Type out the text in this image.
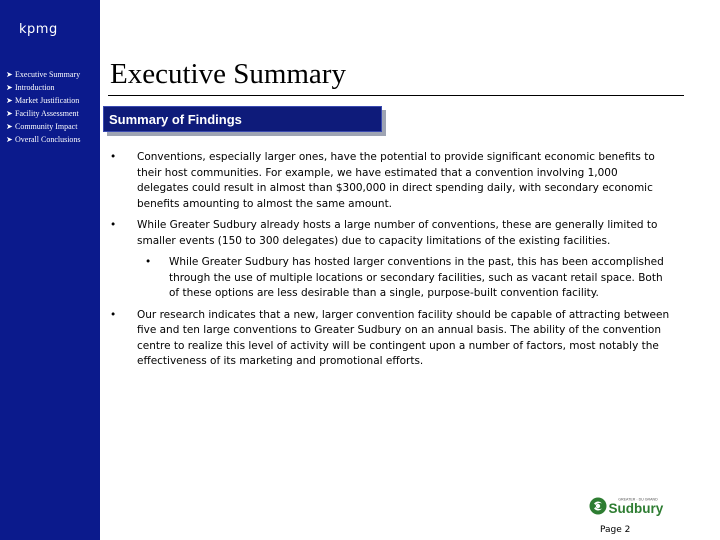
kpmg
➤ Executive Summary
➤ Introduction
➤ Market Justification
➤ Facility Assessment
➤ Community Impact
➤ Overall Conclusions
Executive Summary
Summary of Findings
• Conventions, especially larger ones, have the potential to provide significant economic benefits to their host communities. For example, we have estimated that a convention involving 1,000 delegates could result in almost than $300,000 in direct spending daily, with secondary economic benefits amounting to almost the same amount.
• While Greater Sudbury already hosts a large number of conventions, these are generally limited to smaller events (150 to 300 delegates) due to capacity limitations of the existing facilities.
• While Greater Sudbury has hosted larger conventions in the past, this has been accomplished through the use of multiple locations or secondary facilities, such as vacant retail space. Both of these options are less desirable than a single, purpose-built convention facility.
• Our research indicates that a new, larger convention facility should be capable of attracting between five and ten large conventions to Greater Sudbury on an annual basis. The ability of the convention centre to realize this level of activity will be contingent upon a number of factors, most notably the effectiveness of its marketing and promotional efforts.
GREATER · DU GRAND
Sudbury
Page 2
